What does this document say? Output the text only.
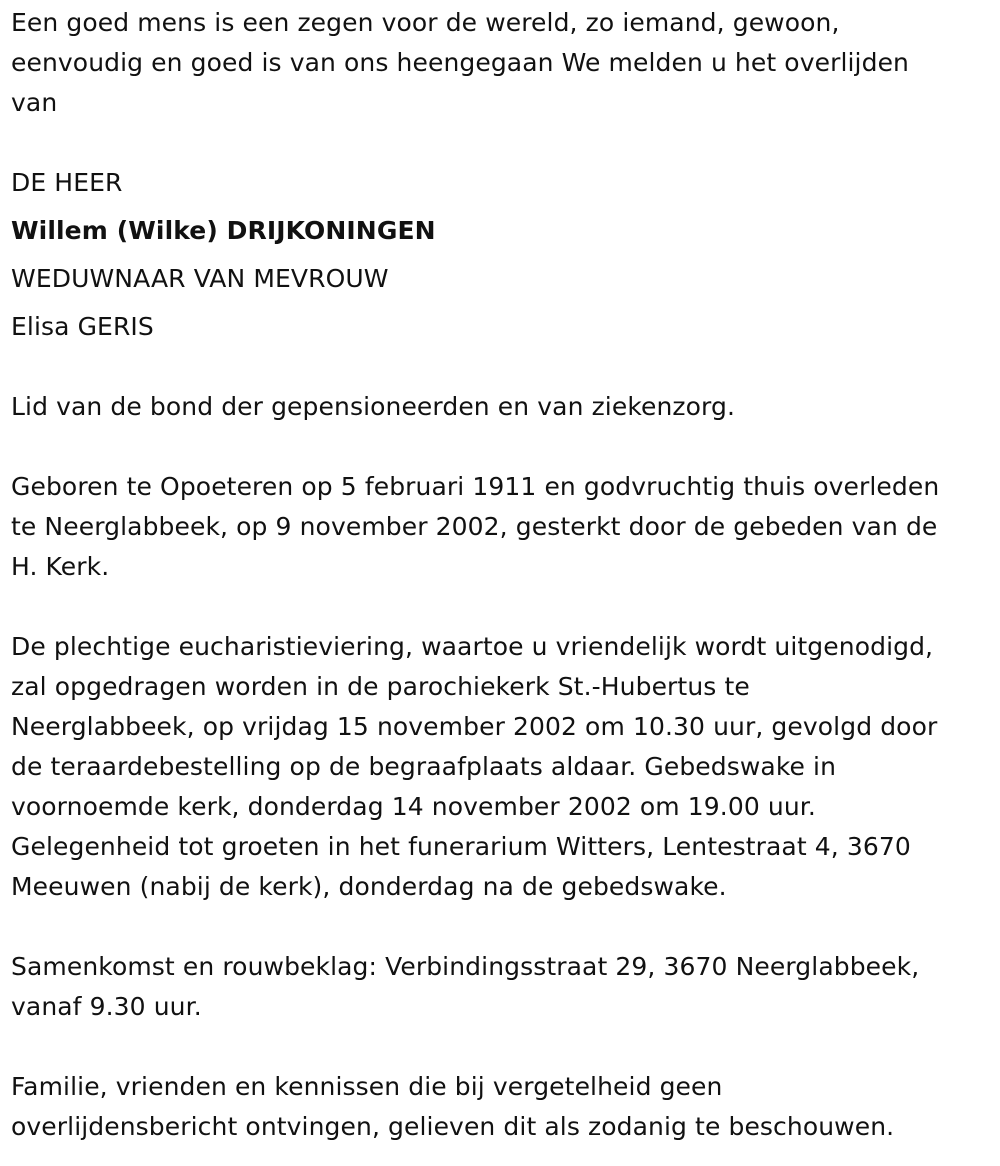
Een goed mens is een zegen voor de wereld, zo iemand, gewoon,
eenvoudig en goed is van ons heengegaan We melden u het overlijden
van

DE HEER
Willem (Wilke) DRIJKONINGEN
WEDUWNAAR VAN MEVROUW
Elisa GERIS

Lid van de bond der gepensioneerden en van ziekenzorg.

Geboren te Opoeteren op 5 februari 1911 en godvruchtig thuis overleden
te Neerglabbeek, op 9 november 2002, gesterkt door de gebeden van de
H. Kerk.

De plechtige eucharistieviering, waartoe u vriendelijk wordt uitgenodigd,
zal opgedragen worden in de parochiekerk St.-Hubertus te
Neerglabbeek, op vrijdag 15 november 2002 om 10.30 uur, gevolgd door
de teraardebestelling op de begraafplaats aldaar. Gebedswake in
voornoemde kerk, donderdag 14 november 2002 om 19.00 uur.
Gelegenheid tot groeten in het funerarium Witters, Lentestraat 4, 3670
Meeuwen (nabij de kerk), donderdag na de gebedswake.

Samenkomst en rouwbeklag: Verbindingsstraat 29, 3670 Neerglabbeek,
vanaf 9.30 uur.

Familie, vrienden en kennissen die bij vergetelheid geen
overlijdensbericht ontvingen, gelieven dit als zodanig te beschouwen.
